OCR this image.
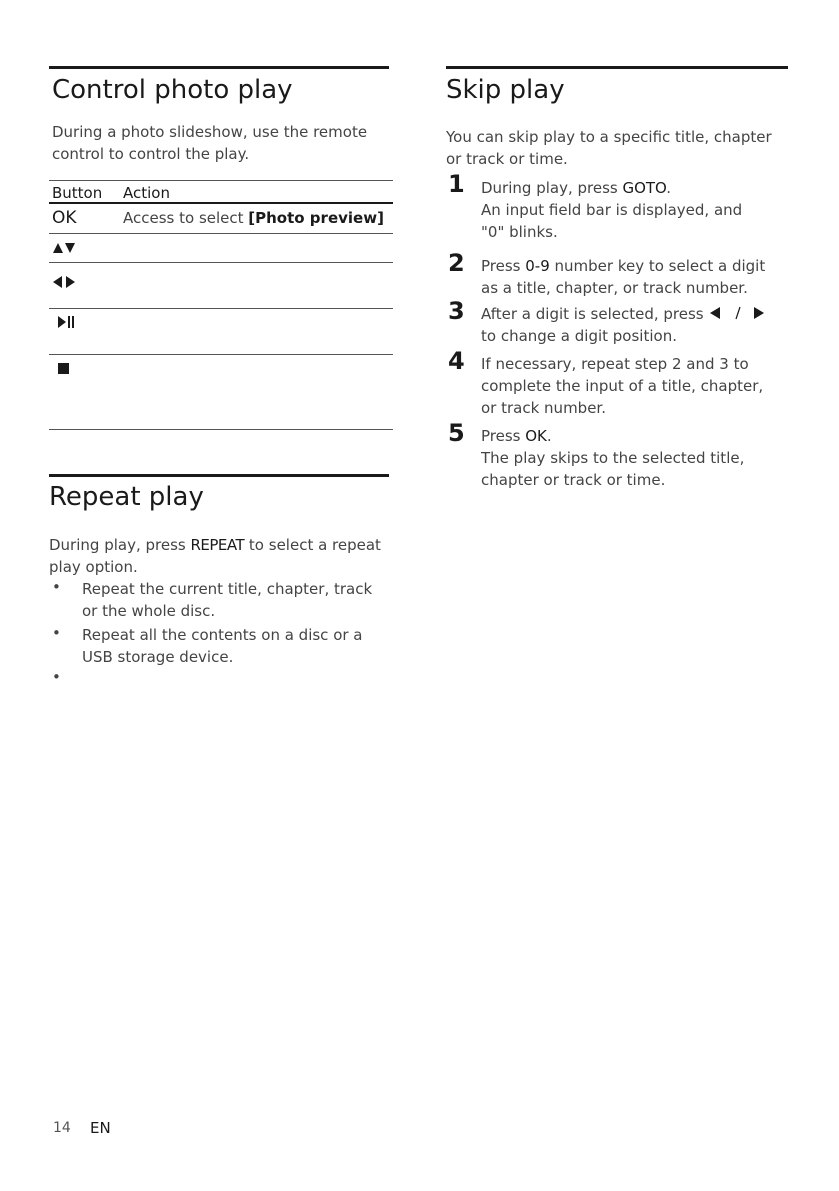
Control photo play
During a photo slideshow, use the remote control to control the play.
Button Action
OK	Access to select [Photo preview]
Repeat play
During play, press REPEAT to select a repeat play option.
• Repeat the current title, chapter, track or the whole disc.
• Repeat all the contents on a disc or a USB storage device.
•
Skip play
You can skip play to a specific title, chapter or track or time.
1 During play, press GOTO.
An input field bar is displayed, and "0" blinks.
2 Press 0-9 number key to select a digit as a title, chapter, or track number.
3 After a digit is selected, press  to change a digit position.
4 If necessary, repeat step 2 and 3 to complete the input of a title, chapter, or track number.
5 Press OK.
The play skips to the selected title, chapter or track or time.
14 EN
